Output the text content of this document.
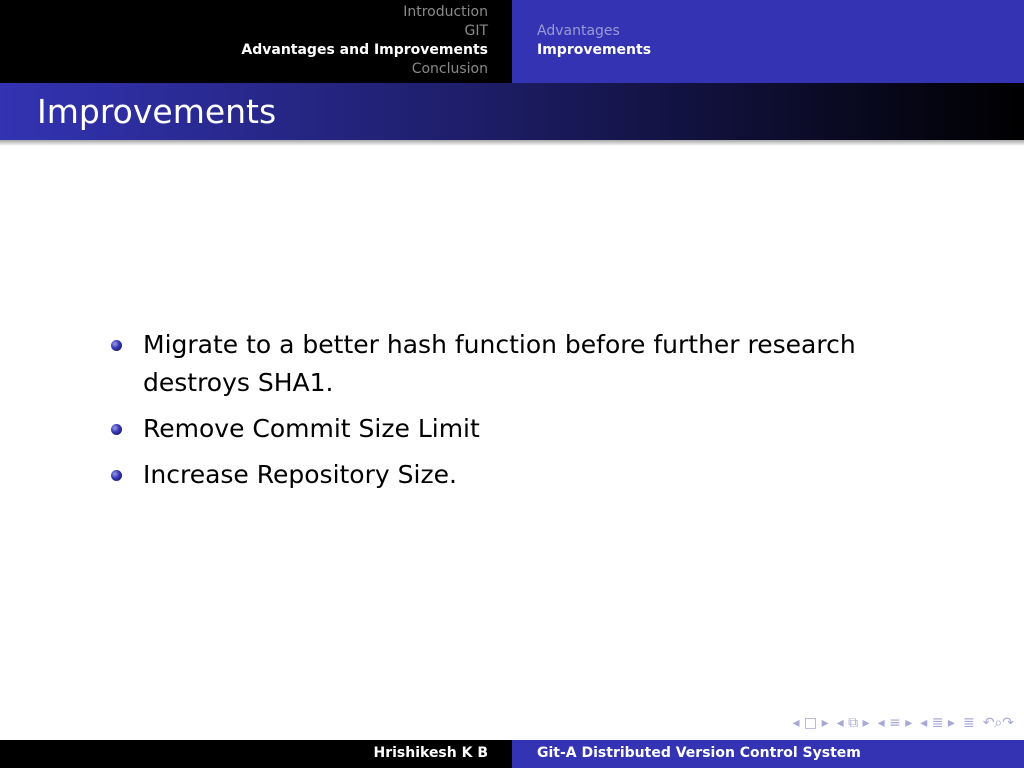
Introduction
GIT
Advantages and Improvements
Conclusion
Advantages
Improvements
Improvements
Migrate to a better hash function before further research destroys SHA1.
Remove Commit Size Limit
Increase Repository Size.
◂ □ ▸ ◂ ⧉ ▸ ◂ ≡ ▸ ◂ ≣ ▸ ≣ ↶⌕↷
Hrishikesh K B	Git-A Distributed Version Control System
